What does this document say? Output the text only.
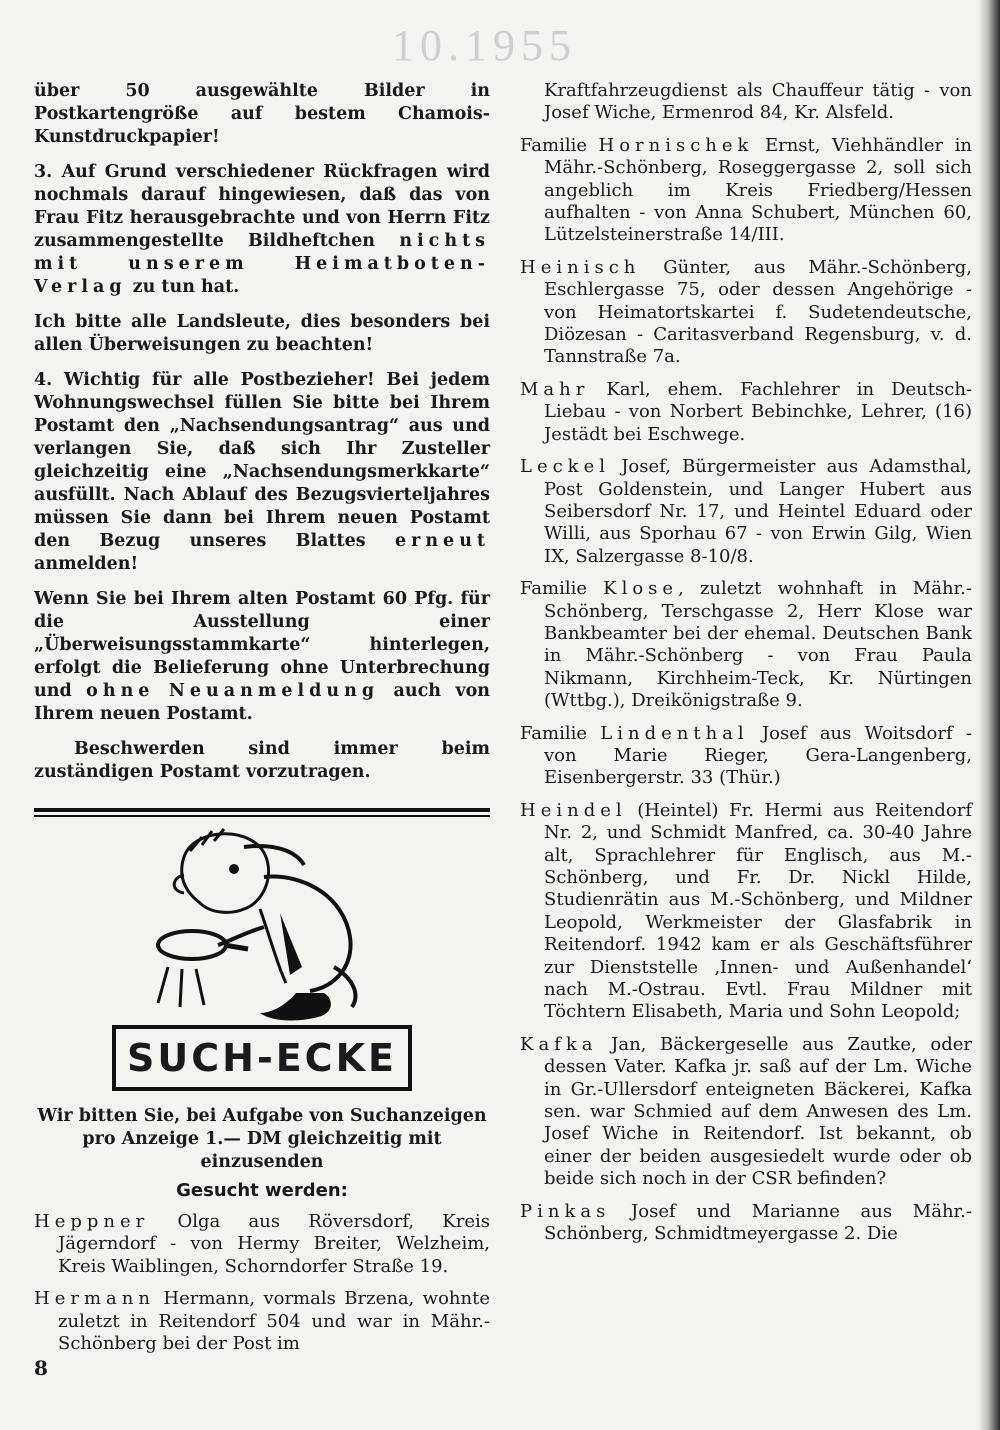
10.1955

über 50 ausgewählte Bilder in Postkartengröße auf bestem Chamois-Kunstdruckpapier!

3. Auf Grund verschiedener Rückfragen wird nochmals darauf hingewiesen, daß das von Frau Fitz herausgebrachte und von Herrn Fitz zusammengestellte Bildheftchen nichts mit unserem Heimatboten-Verlag zu tun hat.

Ich bitte alle Landsleute, dies besonders bei allen Überweisungen zu beachten!

4. Wichtig für alle Postbezieher! Bei jedem Wohnungswechsel füllen Sie bitte bei Ihrem Postamt den „Nachsendungsantrag“ aus und verlangen Sie, daß sich Ihr Zusteller gleichzeitig eine „Nachsendungsmerkkarte“ ausfüllt. Nach Ablauf des Bezugsvierteljahres müssen Sie dann bei Ihrem neuen Postamt den Bezug unseres Blattes erneut anmelden!

Wenn Sie bei Ihrem alten Postamt 60 Pfg. für die Ausstellung einer „Überweisungsstammkarte“ hinterlegen, erfolgt die Belieferung ohne Unterbrechung und ohne Neuanmeldung auch von Ihrem neuen Postamt.

Beschwerden sind immer beim zuständigen Postamt vorzutragen.

SUCH-ECKE

Wir bitten Sie, bei Aufgabe von Suchanzeigen pro Anzeige 1.— DM gleichzeitig mit einzusenden

Gesucht werden:

Heppner Olga aus Röversdorf, Kreis Jägerndorf - von Hermy Breiter, Welzheim, Kreis Waiblingen, Schorndorfer Straße 19.

Hermann Hermann, vormals Brzena, wohnte zuletzt in Reitendorf 504 und war in Mähr.-Schönberg bei der Post im

Kraftfahrzeugdienst als Chauffeur tätig - von Josef Wiche, Ermenrod 84, Kr. Alsfeld.

Familie Hornischek Ernst, Viehhändler in Mähr.-Schönberg, Roseggergasse 2, soll sich angeblich im Kreis Friedberg/Hessen aufhalten - von Anna Schubert, München 60, Lützelsteinerstraße 14/III.

Heinisch Günter, aus Mähr.-Schönberg, Eschlergasse 75, oder dessen Angehörige - von Heimatortskartei f. Sudetendeutsche, Diözesan - Caritasverband Regensburg, v. d. Tannstraße 7a.

Mahr Karl, ehem. Fachlehrer in Deutsch-Liebau - von Norbert Bebinchke, Lehrer, (16) Jestädt bei Eschwege.

Leckel Josef, Bürgermeister aus Adamsthal, Post Goldenstein, und Langer Hubert aus Seibersdorf Nr. 17, und Heintel Eduard oder Willi, aus Sporhau 67 - von Erwin Gilg, Wien IX, Salzergasse 8-10/8.

Familie Klose, zuletzt wohnhaft in Mähr.-Schönberg, Terschgasse 2, Herr Klose war Bankbeamter bei der ehemal. Deutschen Bank in Mähr.-Schönberg - von Frau Paula Nikmann, Kirchheim-Teck, Kr. Nürtingen (Wttbg.), Dreikönigstraße 9.

Familie Lindenthal Josef aus Woitsdorf - von Marie Rieger, Gera-Langenberg, Eisenbergerstr. 33 (Thür.)

Heindel (Heintel) Fr. Hermi aus Reitendorf Nr. 2, und Schmidt Manfred, ca. 30-40 Jahre alt, Sprachlehrer für Englisch, aus M.-Schönberg, und Fr. Dr. Nickl Hilde, Studienrätin aus M.-Schönberg, und Mildner Leopold, Werkmeister der Glasfabrik in Reitendorf. 1942 kam er als Geschäftsführer zur Dienststelle ‚Innen- und Außenhandel‘ nach M.-Ostrau. Evtl. Frau Mildner mit Töchtern Elisabeth, Maria und Sohn Leopold;

Kafka Jan, Bäckergeselle aus Zautke, oder dessen Vater. Kafka jr. saß auf der Lm. Wiche in Gr.-Ullersdorf enteigneten Bäckerei, Kafka sen. war Schmied auf dem Anwesen des Lm. Josef Wiche in Reitendorf. Ist bekannt, ob einer der beiden ausgesiedelt wurde oder ob beide sich noch in der CSR befinden?

Pinkas Josef und Marianne aus Mähr.-Schönberg, Schmidtmeyergasse 2. Die

8
